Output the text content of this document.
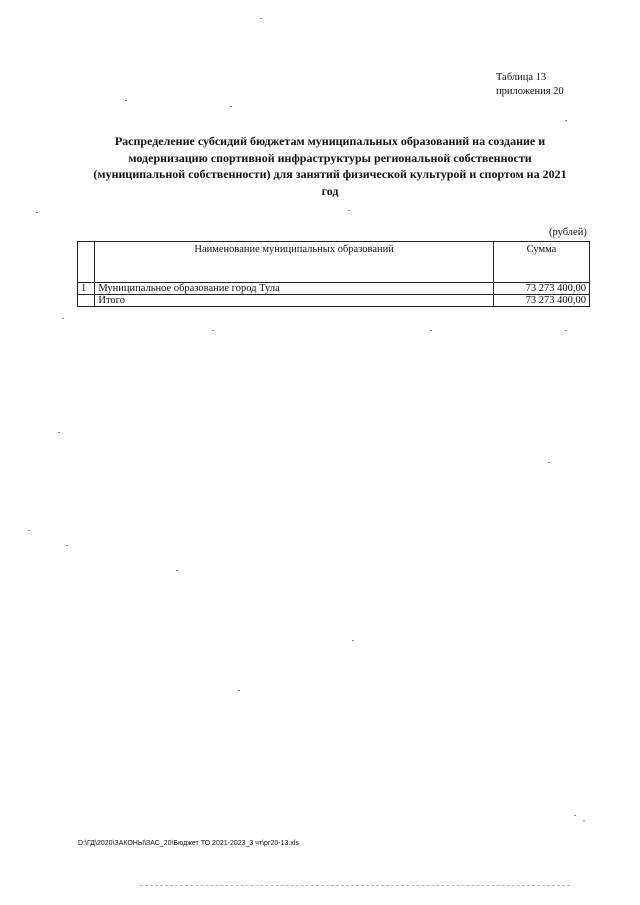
Таблица 13
приложения 20
Распределение субсидий бюджетам муниципальных образований на создание и
модернизацию спортивной инфраструктуры региональной собственности
(муниципальной собственности) для занятий физической культурой и спортом на 2021
год
(рублей)
	Наименование муниципальных образований	Сумма
1	Муниципальное образование город Тула	73 273 400,00
	Итого	73 273 400,00
D:\ГД\2020\ЗАКОНЫ\ЗАС_20\Бюджет ТО 2021-2023_3 чт\рг20-13.xls
